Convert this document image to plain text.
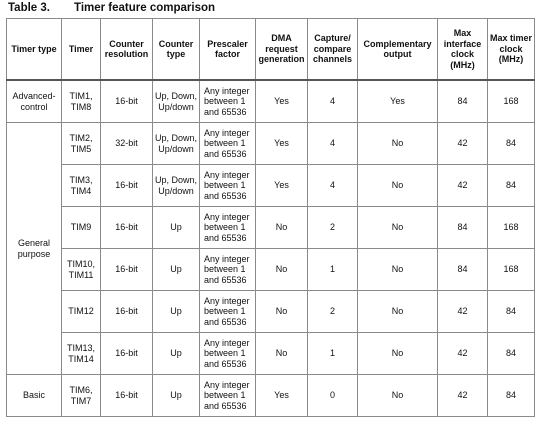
Table 3. Timer feature comparison
Timer type	Timer	Counter resolution	Counter type	Prescaler factor	DMA request generation	Capture/ compare channels	Complementary output	Max interface clock (MHz)	Max timer clock (MHz)
Advanced-control	TIM1, TIM8	16-bit	Up, Down, Up/down	Any integer between 1 and 65536	Yes	4	Yes	84	168
General purpose	TIM2, TIM5	32-bit	Up, Down, Up/down	Any integer between 1 and 65536	Yes	4	No	42	84
	TIM3, TIM4	16-bit	Up, Down, Up/down	Any integer between 1 and 65536	Yes	4	No	42	84
	TIM9	16-bit	Up	Any integer between 1 and 65536	No	2	No	84	168
	TIM10, TIM11	16-bit	Up	Any integer between 1 and 65536	No	1	No	84	168
	TIM12	16-bit	Up	Any integer between 1 and 65536	No	2	No	42	84
	TIM13, TIM14	16-bit	Up	Any integer between 1 and 65536	No	1	No	42	84
Basic	TIM6, TIM7	16-bit	Up	Any integer between 1 and 65536	Yes	0	No	42	84
